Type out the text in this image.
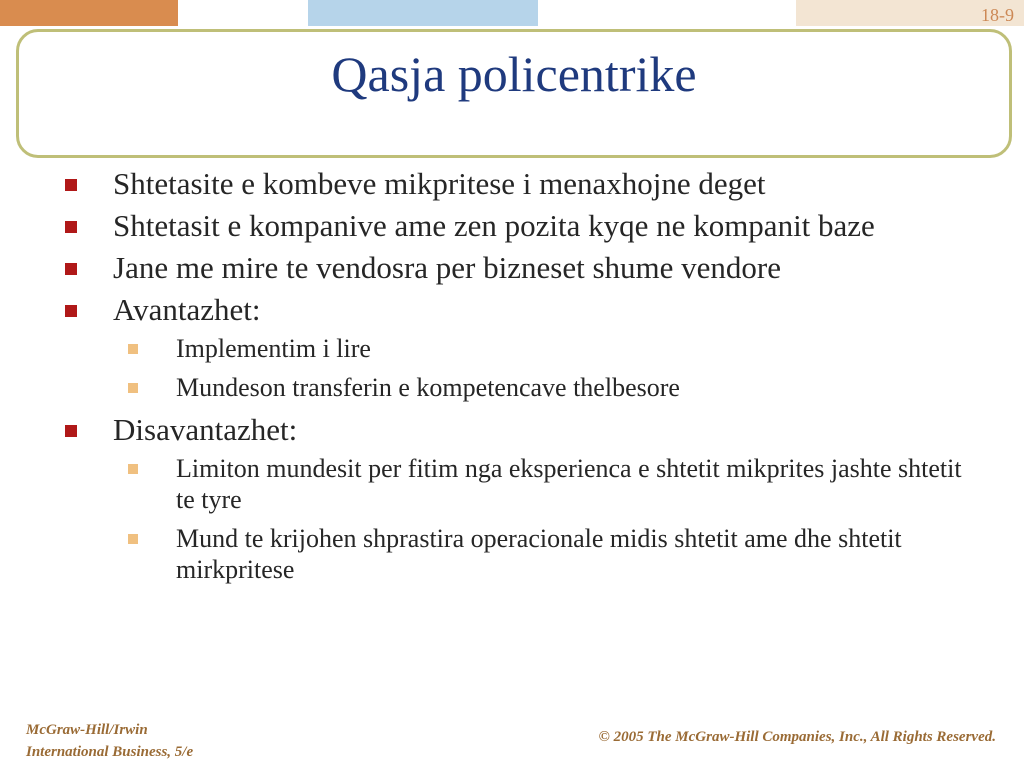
18-9
Qasja policentrike
Shtetasite e kombeve mikpritese i menaxhojne deget
Shtetasit e kompanive ame zen pozita kyqe ne kompanit baze
Jane me mire te vendosra per bizneset shume vendore
Avantazhet:
Implementim i lire
Mundeson transferin e kompetencave thelbesore
Disavantazhet:
Limiton mundesit per fitim nga eksperienca e shtetit mikprites jashte shtetit te tyre
Mund te krijohen shprastira operacionale midis shtetit ame dhe shtetit mirkpritese
McGraw-Hill/Irwin
International Business, 5/e
© 2005 The McGraw-Hill Companies, Inc., All Rights Reserved.
